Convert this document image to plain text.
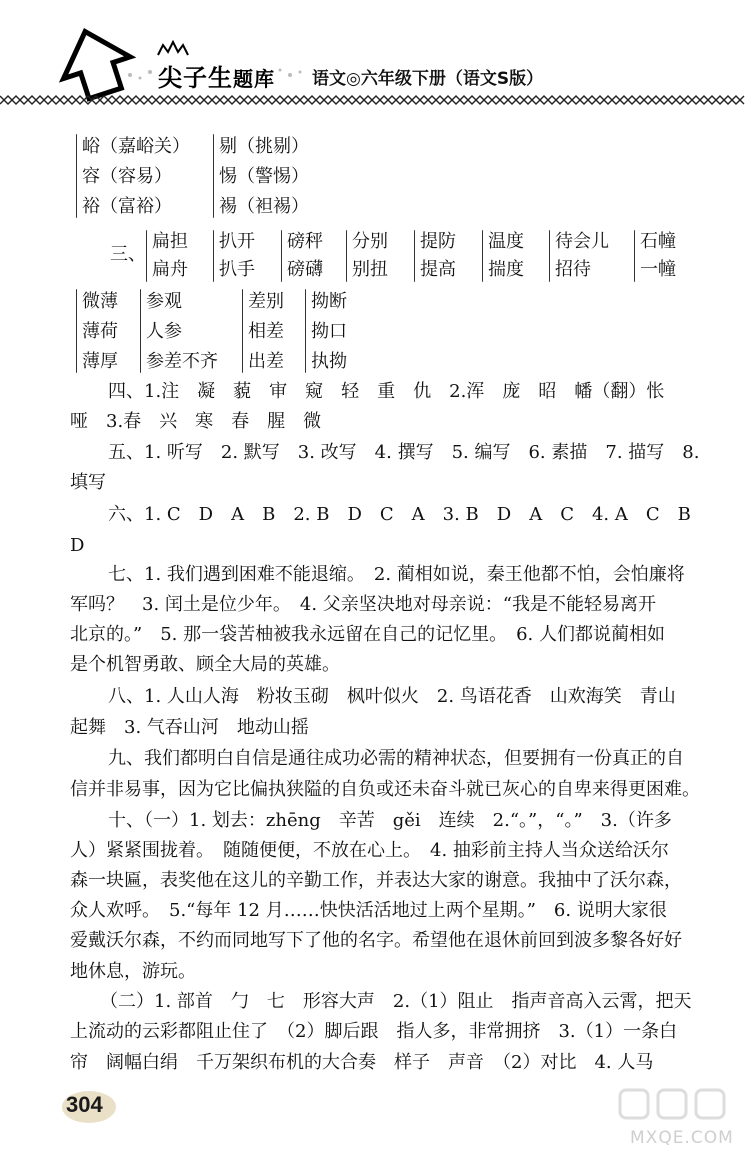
尖子生题库 语文◎六年级下册（语文S版）
峪（嘉峪关）
容（容易）
裕（富裕）
剔（挑剔）
惕（警惕）
裼（袒裼）
三、
扁担
扁舟
扒开
扒手
磅秤
磅礴
分别
别扭
提防
提高
温度
揣度
待会儿
招待
石幢
一幢
微薄
薄荷
薄厚
参观
人参
参差不齐
差别
相差
出差
拗断
拗口
执拗
四、1.注　凝　藐　审　窥　轻　重　仇　2.浑　庞　昭　幡（翻）怅
哑　3.春　兴　寒　春　腥　微
五、1. 听写　2. 默写　3. 改写　4. 撰写　5. 编写　6. 素描　7. 描写　8.
填写
六、1. C　D　A　B　2. B　D　C　A　3. B　D　A　C　4. A　C　B
D
七、1. 我们遇到困难不能退缩。　2. 蔺相如说，秦王他都不怕，会怕廉将
军吗？　3. 闰土是位少年。　4. 父亲坚决地对母亲说：“我是不能轻易离开
北京的。”　5. 那一袋苦柚被我永远留在自己的记忆里。　6. 人们都说蔺相如
是个机智勇敢、顾全大局的英雄。
八、1. 人山人海　粉妆玉砌　枫叶似火　2. 鸟语花香　山欢海笑　青山
起舞　3. 气吞山河　地动山摇
九、我们都明白自信是通往成功必需的精神状态，但要拥有一份真正的自
信并非易事，因为它比偏执狭隘的自负或还未奋斗就已灰心的自卑来得更困难。
十、（一）1. 划去：zhēng　辛苦　gěi　连续　2.“。”，“。”　3.（许多
人）紧紧围拢着。　随随便便，不放在心上。　4. 抽彩前主持人当众送给沃尔
森一块匾，表奖他在这儿的辛勤工作，并表达大家的谢意。我抽中了沃尔森，
众人欢呼。　5.“每年 12 月……快快活活地过上两个星期。”　6. 说明大家很
爱戴沃尔森，不约而同地写下了他的名字。希望他在退休前回到波多黎各好好
地休息，游玩。
（二）1. 部首　勹　七　形容大声　2.（1）阻止　指声音高入云霄，把天
上流动的云彩都阻止住了　（2）脚后跟　指人多，非常拥挤　3.（1）一条白
帘　阔幅白绢　千万架织布机的大合奏　样子　声音　（2）对比　4. 人马
304
MXQE.COM
